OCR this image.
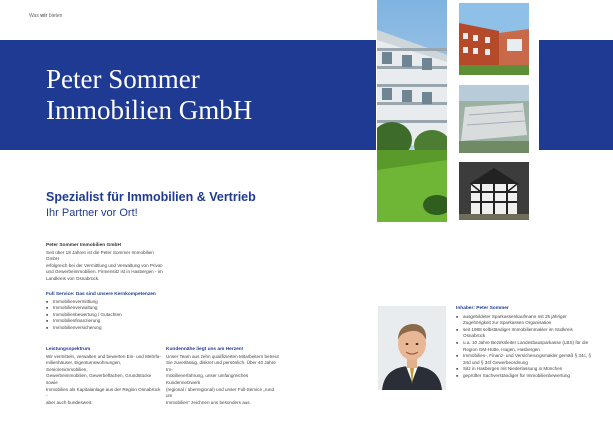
Was wir bieten
Peter Sommer
Immobilien GmbH
Spezialist für Immobilien & Vertrieb
Ihr Partner vor Ort!
Peter Sommer Immobilien GmbH
Seit über 18 Jahren ist die Peter Sommer Immobilien GmbH
erfolgreich bei der Vermittlung und Verwaltung von Privat-
und Gewerbeimmobilien. Firmensitz ist in Hasbergen - im
Landkreis von Osnabrück.
Full Service: Das sind unsere Kernkompetenzen
■ Immobilienvermittlung
■ Immobilienverwaltung
■ Immobilienbewertung / Gutachten
■ Immobilienfinanzierung
■ Immobilienversicherung
Leistungsspektrum
Wir vermitteln, verwalten und bewerten Ein- und Mehrfa-
milienhäuser, Eigentumswohnungen, Seniorenimmobilien,
Gewerbeimmobilien, Gewerbeflächen, Grundstücke sowie
Immobilien als Kapitalanlage aus der Region Osnabrück -
aber auch bundesweit.
Kundennähe liegt uns am Herzen!
Unser Team aus zehn qualifizierten Mitarbeitern betreut
Sie zuverlässig, diskret und persönlich. Über 40 Jahre Im-
mobilienerfahrung, unser umfangreiches Kundennetzwerk
(regional / überregional) und unser Full-Service „rund um
Immobilien" zeichnen uns besonders aus.
Inhaber: Peter Sommer
■ ausgebildeter Sparkassenkaufmann mit 25 jähriger Zugehörigkeit zur Sparkassen Organisation
■ seit 1988 selbständiger Immobilienmakler im Südkreis Osnabrück
■ u.a. 10 Jahre Bezirksleiter Landesbausparkasse (LBS) für die Region GM-Hütte, Hagen, Hasbergen
■ Immobilien-, Finanz- und Versicherungsmakler gemäß § 34c, § 34d und § 34f Gewerbeordnung
■ Sitz in Hasbergen mit Niederlassung in München
■ geprüfter Sachverständiger für Immobilienbewertung
